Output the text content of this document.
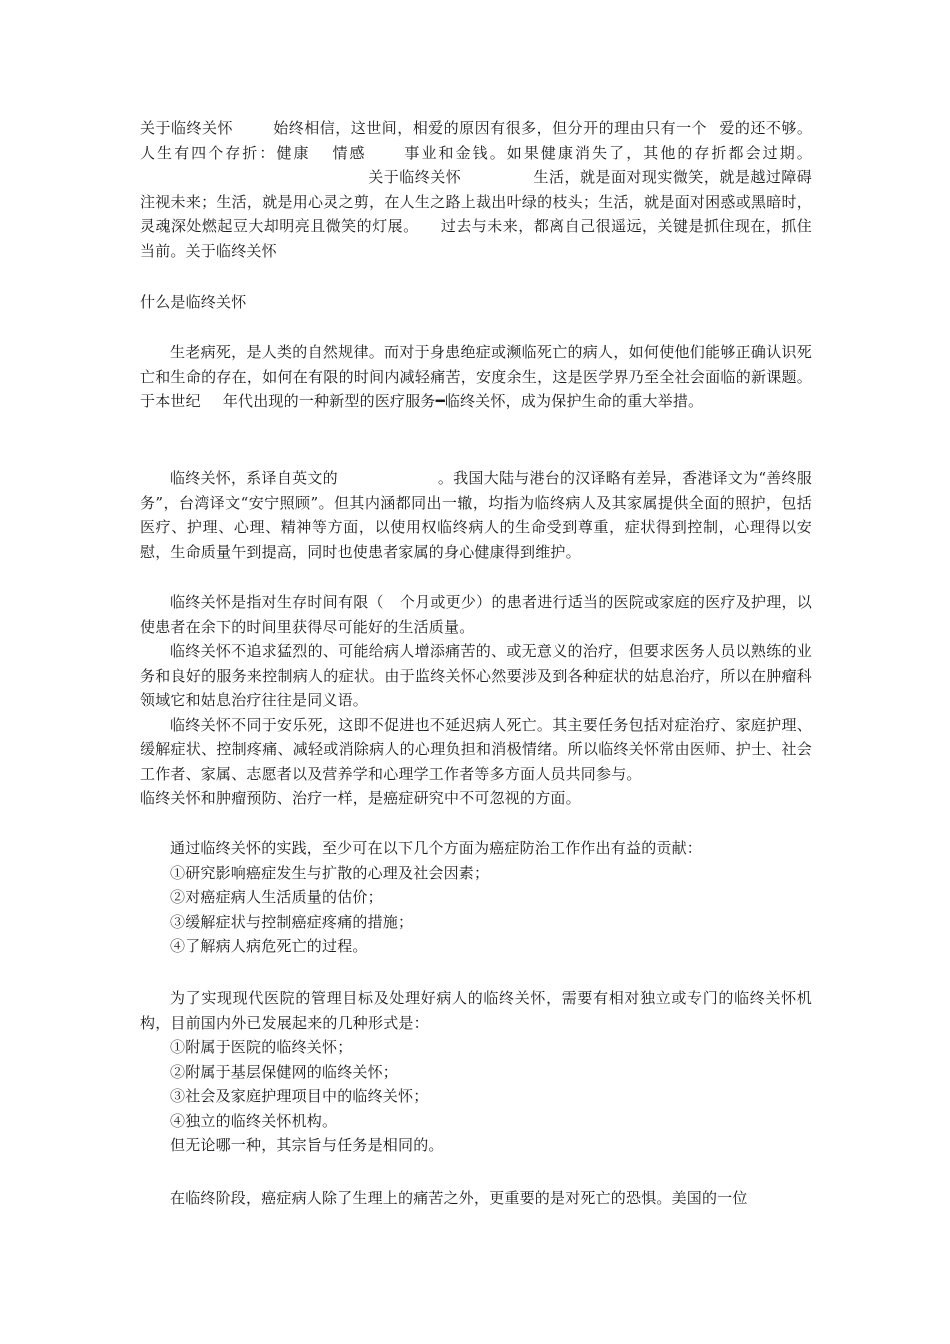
关于临终关怀	始终相信，这世间，相爱的原因有很多，但分开的理由只有一个 爱的还不够。人生有四个存折：健康 情感 事业和金钱。如果健康消失了，其他的存折都会过期。关于临终关怀	生活，就是面对现实微笑，就是越过障碍注视未来；生活，就是用心灵之剪，在人生之路上裁出叶绿的枝头；生活，就是面对困惑或黑暗时，灵魂深处燃起豆大却明亮且微笑的灯展。 过去与未来，都离自己很遥远，关键是抓住现在，抓住当前。关于临终关怀
什么是临终关怀
生老病死，是人类的自然规律。而对于身患绝症或濒临死亡的病人，如何使他们能够正确认识死亡和生命的存在，如何在有限的时间内减轻痛苦，安度余生，这是医学界乃至全社会面临的新课题。于本世纪 年代出现的一种新型的医疗服务━临终关怀，成为保护生命的重大举措。
临终关怀，系译自英文的	。我国大陆与港台的汉译略有差异，香港译文为“善终服务”，台湾译文“安宁照顾”。但其内涵都同出一辙，均指为临终病人及其家属提供全面的照护，包括医疗、护理、心理、精神等方面，以使用权临终病人的生命受到尊重，症状得到控制，心理得以安慰，生命质量午到提高，同时也使患者家属的身心健康得到维护。
临终关怀是指对生存时间有限（ 个月或更少）的患者进行适当的医院或家庭的医疗及护理，以使患者在余下的时间里获得尽可能好的生活质量。
临终关怀不追求猛烈的、可能给病人增添痛苦的、或无意义的治疗，但要求医务人员以熟练的业务和良好的服务来控制病人的症状。由于监终关怀心然要涉及到各种症状的姑息治疗，所以在肿瘤科领域它和姑息治疗往往是同义语。
临终关怀不同于安乐死，这即不促进也不延迟病人死亡。其主要任务包括对症治疗、家庭护理、缓解症状、控制疼痛、减轻或消除病人的心理负担和消极情绪。所以临终关怀常由医师、护士、社会工作者、家属、志愿者以及营养学和心理学工作者等多方面人员共同参与。
临终关怀和肿瘤预防、治疗一样，是癌症研究中不可忽视的方面。
通过临终关怀的实践，至少可在以下几个方面为癌症防治工作作出有益的贡献：
①研究影响癌症发生与扩散的心理及社会因素；
②对癌症病人生活质量的估价；
③缓解症状与控制癌症疼痛的措施；
④了解病人病危死亡的过程。
为了实现现代医院的管理目标及处理好病人的临终关怀，需要有相对独立或专门的临终关怀机构，目前国内外已发展起来的几种形式是：
①附属于医院的临终关怀；
②附属于基层保健网的临终关怀；
③社会及家庭护理项目中的临终关怀；
④独立的临终关怀机构。
但无论哪一种，其宗旨与任务是相同的。
在临终阶段，癌症病人除了生理上的痛苦之外，更重要的是对死亡的恐惧。美国的一位
